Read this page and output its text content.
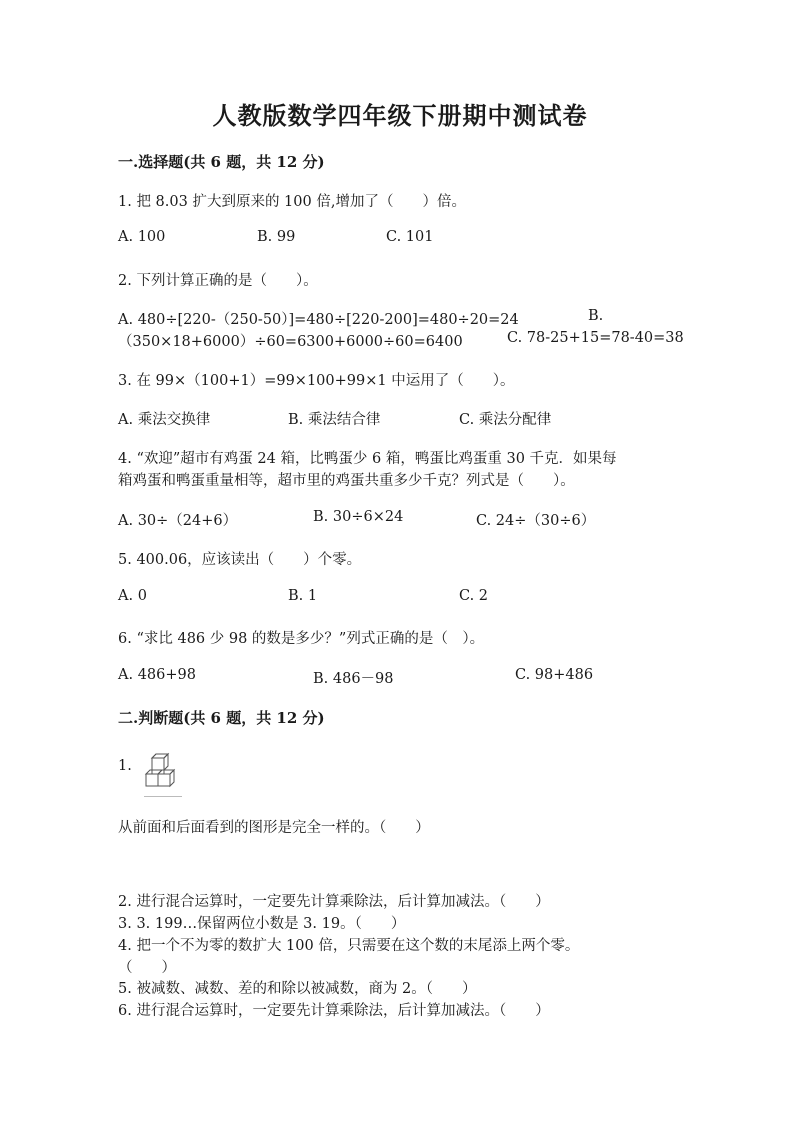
人教版数学四年级下册期中测试卷
一.选择题(共 6 题，共 12 分)
1. 把 8.03 扩大到原来的 100 倍,增加了（　　）倍。
A. 100	B. 99	C. 101
2. 下列计算正确的是（　　）。
A. 480÷[220-（250-50）]=480÷[220-200]=480÷20=24	B.
（350×18+6000）÷60=6300+6000÷60=6400	C. 78-25+15=78-40=38
3. 在 99×（100+1）=99×100+99×1 中运用了（　　）。
A. 乘法交换律	B. 乘法结合律	C. 乘法分配律
4. “欢迎”超市有鸡蛋 24 箱，比鸭蛋少 6 箱，鸭蛋比鸡蛋重 30 千克．如果每
箱鸡蛋和鸭蛋重量相等，超市里的鸡蛋共重多少千克？列式是（　　）。
A. 30÷（24+6）	B. 30÷6×24	C. 24÷（30÷6）
5. 400.06，应该读出（　　）个零。
A. 0	B. 1	C. 2
6. “求比 486 少 98 的数是多少？”列式正确的是（　）。
A. 486+98	B. 486－98	C. 98+486
二.判断题(共 6 题，共 12 分)
1.
从前面和后面看到的图形是完全一样的。（　　）
2. 进行混合运算时，一定要先计算乘除法，后计算加减法。（　　）
3. 3. 199…保留两位小数是 3. 19。（　　）
4. 把一个不为零的数扩大 100 倍，只需要在这个数的末尾添上两个零。
（　　）
5. 被减数、减数、差的和除以被减数，商为 2。（　　）
6. 进行混合运算时，一定要先计算乘除法，后计算加减法。（　　）
